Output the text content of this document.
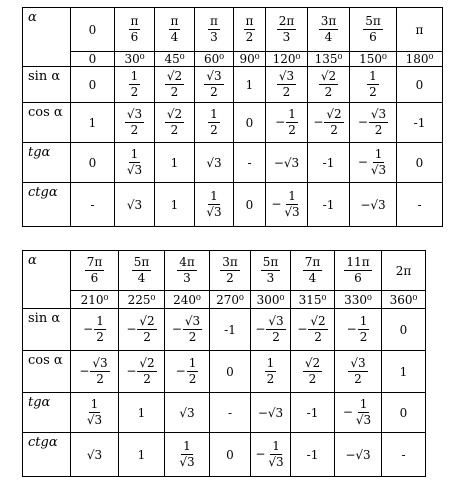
α	0	$\frac{\pi}{6}$	$\frac{\pi}{4}$	$\frac{\pi}{3}$	$\frac{\pi}{2}$	$\frac{2\pi}{3}$	$\frac{3\pi}{4}$	$\frac{5\pi}{6}$	π
	0	30⁰	45⁰	60⁰	90⁰	120⁰	135⁰	150⁰	180⁰
sin α	0	$\frac{1}{2}$	$\frac{√2}{2}$	$\frac{√3}{2}$	1	$\frac{√3}{2}$	$\frac{√2}{2}$	$\frac{1}{2}$	0
cos α	1	$\frac{√3}{2}$	$\frac{√2}{2}$	$\frac{1}{2}$	0	− $\frac{1}{2}$	− $\frac{√2}{2}$	− $\frac{√3}{2}$	-1
tgα	0	$\frac{1}{√3}$	1	√3	-	−√3	-1	− $\frac{1}{√3}$	0
ctgα	-	√3	1	$\frac{1}{√3}$	0	− $\frac{1}{√3}$	-1	−√3	-
α	$\frac{7\pi}{6}$	$\frac{5\pi}{4}$	$\frac{4\pi}{3}$	$\frac{3\pi}{2}$	$\frac{5\pi}{3}$	$\frac{7\pi}{4}$	$\frac{11\pi}{6}$	2π
	210⁰	225⁰	240⁰	270⁰	300⁰	315⁰	330⁰	360⁰
sin α	− $\frac{1}{2}$	− $\frac{√2}{2}$	− $\frac{√3}{2}$	-1	− $\frac{√3}{2}$	− $\frac{√2}{2}$	− $\frac{1}{2}$	0
cos α	− $\frac{√3}{2}$	− $\frac{√2}{2}$	− $\frac{1}{2}$	0	$\frac{1}{2}$	$\frac{√2}{2}$	$\frac{√3}{2}$	1
tgα	$\frac{1}{√3}$	1	√3	-	−√3	-1	− $\frac{1}{√3}$	0
ctgα	√3	1	$\frac{1}{√3}$	0	− $\frac{1}{√3}$	-1	−√3	-
